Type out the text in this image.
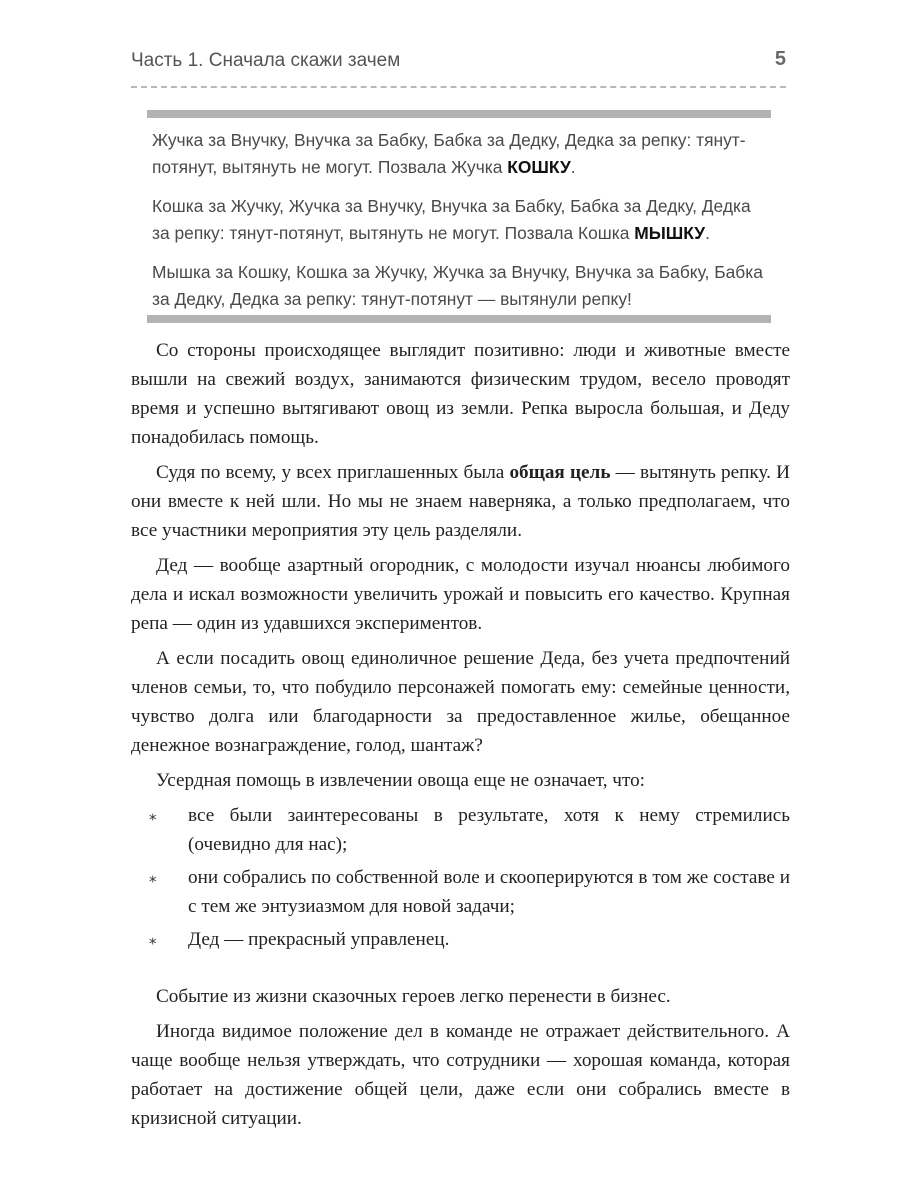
Часть 1. Сначала скажи зачем	5

Жучка за Внучку, Внучка за Бабку, Бабка за Дедку, Дедка за репку: тянут-потянут, вытянуть не могут. Позвала Жучка КОШКУ.

Кошка за Жучку, Жучка за Внучку, Внучка за Бабку, Бабка за Дедку, Дедка за репку: тянут-потянут, вытянуть не могут. Позвала Кошка МЫШКУ.

Мышка за Кошку, Кошка за Жучку, Жучка за Внучку, Внучка за Бабку, Бабка за Дедку, Дедка за репку: тянут-потянут — вытянули репку!

Со стороны происходящее выглядит позитивно: люди и животные вместе вышли на свежий воздух, занимаются физическим трудом, весело проводят время и успешно вытягивают овощ из земли. Репка выросла большая, и Деду понадобилась помощь.

Судя по всему, у всех приглашенных была общая цель — вытянуть репку. И они вместе к ней шли. Но мы не знаем наверняка, а только предполагаем, что все участники мероприятия эту цель разделяли.

Дед — вообще азартный огородник, с молодости изучал нюансы любимого дела и искал возможности увеличить урожай и повысить его качество. Крупная репа — один из удавшихся экспериментов.

А если посадить овощ единоличное решение Деда, без учета предпочтений членов семьи, то, что побудило персонажей помогать ему: семейные ценности, чувство долга или благодарности за предоставленное жилье, обещанное денежное вознаграждение, голод, шантаж?

Усердная помощь в извлечении овоща еще не означает, что:

⁎ все были заинтересованы в результате, хотя к нему стремились (очевидно для нас);
⁎ они собрались по собственной воле и скооперируются в том же составе и с тем же энтузиазмом для новой задачи;
⁎ Дед — прекрасный управленец.

Событие из жизни сказочных героев легко перенести в бизнес.

Иногда видимое положение дел в команде не отражает действительного. А чаще вообще нельзя утверждать, что сотрудники — хорошая команда, которая работает на достижение общей цели, даже если они собрались вместе в кризисной ситуации.
